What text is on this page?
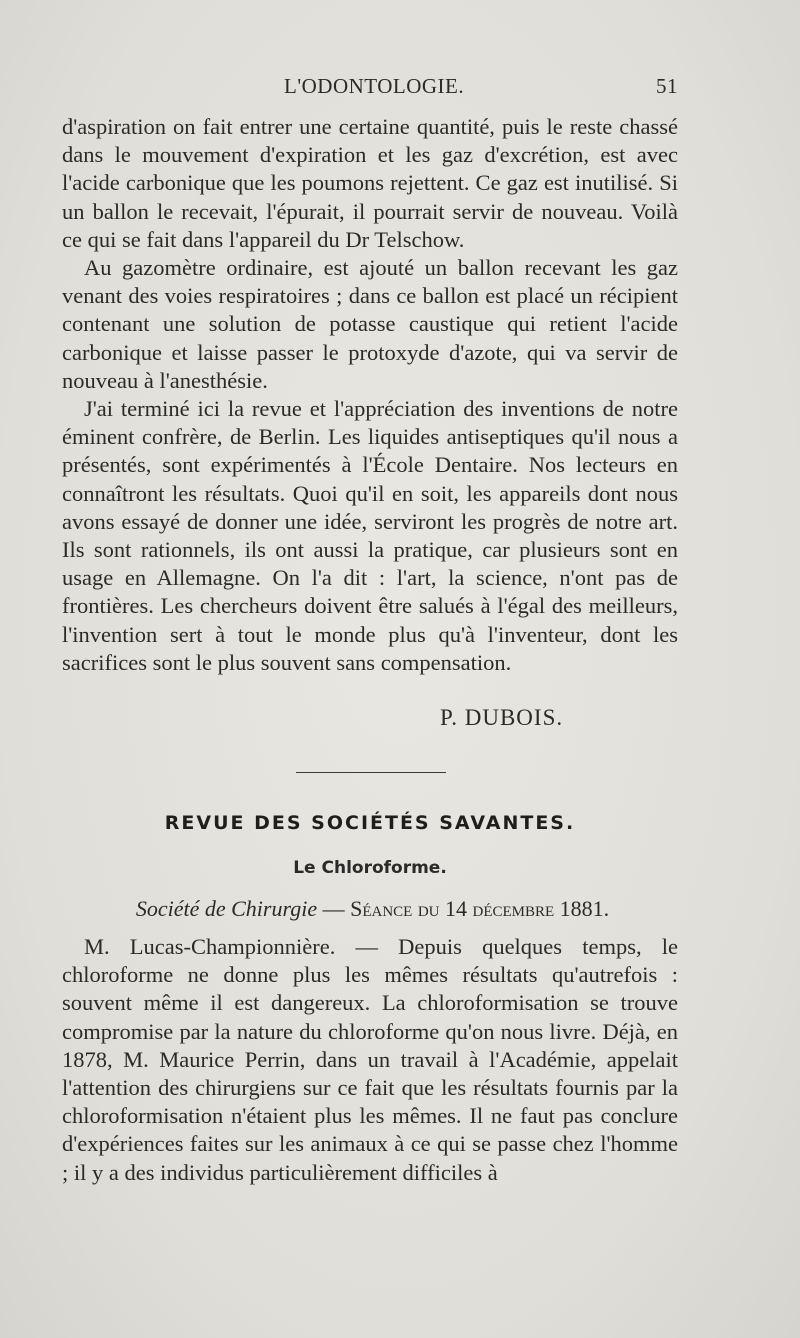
L'ODONTOLOGIE.	51

d'aspiration on fait entrer une certaine quantité, puis le reste chassé dans le mouvement d'expiration et les gaz d'excrétion, est avec l'acide carbonique que les poumons rejettent. Ce gaz est inutilisé. Si un ballon le recevait, l'épurait, il pourrait servir de nouveau. Voilà ce qui se fait dans l'appareil du Dr Telschow.

Au gazomètre ordinaire, est ajouté un ballon recevant les gaz venant des voies respiratoires ; dans ce ballon est placé un récipient contenant une solution de potasse caustique qui retient l'acide carbonique et laisse passer le protoxyde d'azote, qui va servir de nouveau à l'anesthésie.

J'ai terminé ici la revue et l'appréciation des inventions de notre éminent confrère, de Berlin. Les liquides antiseptiques qu'il nous a présentés, sont expérimentés à l'École Dentaire. Nos lecteurs en connaîtront les résultats. Quoi qu'il en soit, les appareils dont nous avons essayé de donner une idée, serviront les progrès de notre art. Ils sont rationnels, ils ont aussi la pratique, car plusieurs sont en usage en Allemagne. On l'a dit : l'art, la science, n'ont pas de frontières. Les chercheurs doivent être salués à l'égal des meilleurs, l'invention sert à tout le monde plus qu'à l'inventeur, dont les sacrifices sont le plus souvent sans compensation.

P. DUBOIS.
REVUE DES SOCIÉTÉS SAVANTES.
Le Chloroforme.
Société de Chirurgie — Séance du 14 décembre 1881.

M. Lucas-Championnière. — Depuis quelques temps, le chloroforme ne donne plus les mêmes résultats qu'autrefois : souvent même il est dangereux. La chloroformisation se trouve compromise par la nature du chloroforme qu'on nous livre. Déjà, en 1878, M. Maurice Perrin, dans un travail à l'Académie, appelait l'attention des chirurgiens sur ce fait que les résultats fournis par la chloroformisation n'étaient plus les mêmes. Il ne faut pas conclure d'expériences faites sur les animaux à ce qui se passe chez l'homme ; il y a des individus particulièrement difficiles à
